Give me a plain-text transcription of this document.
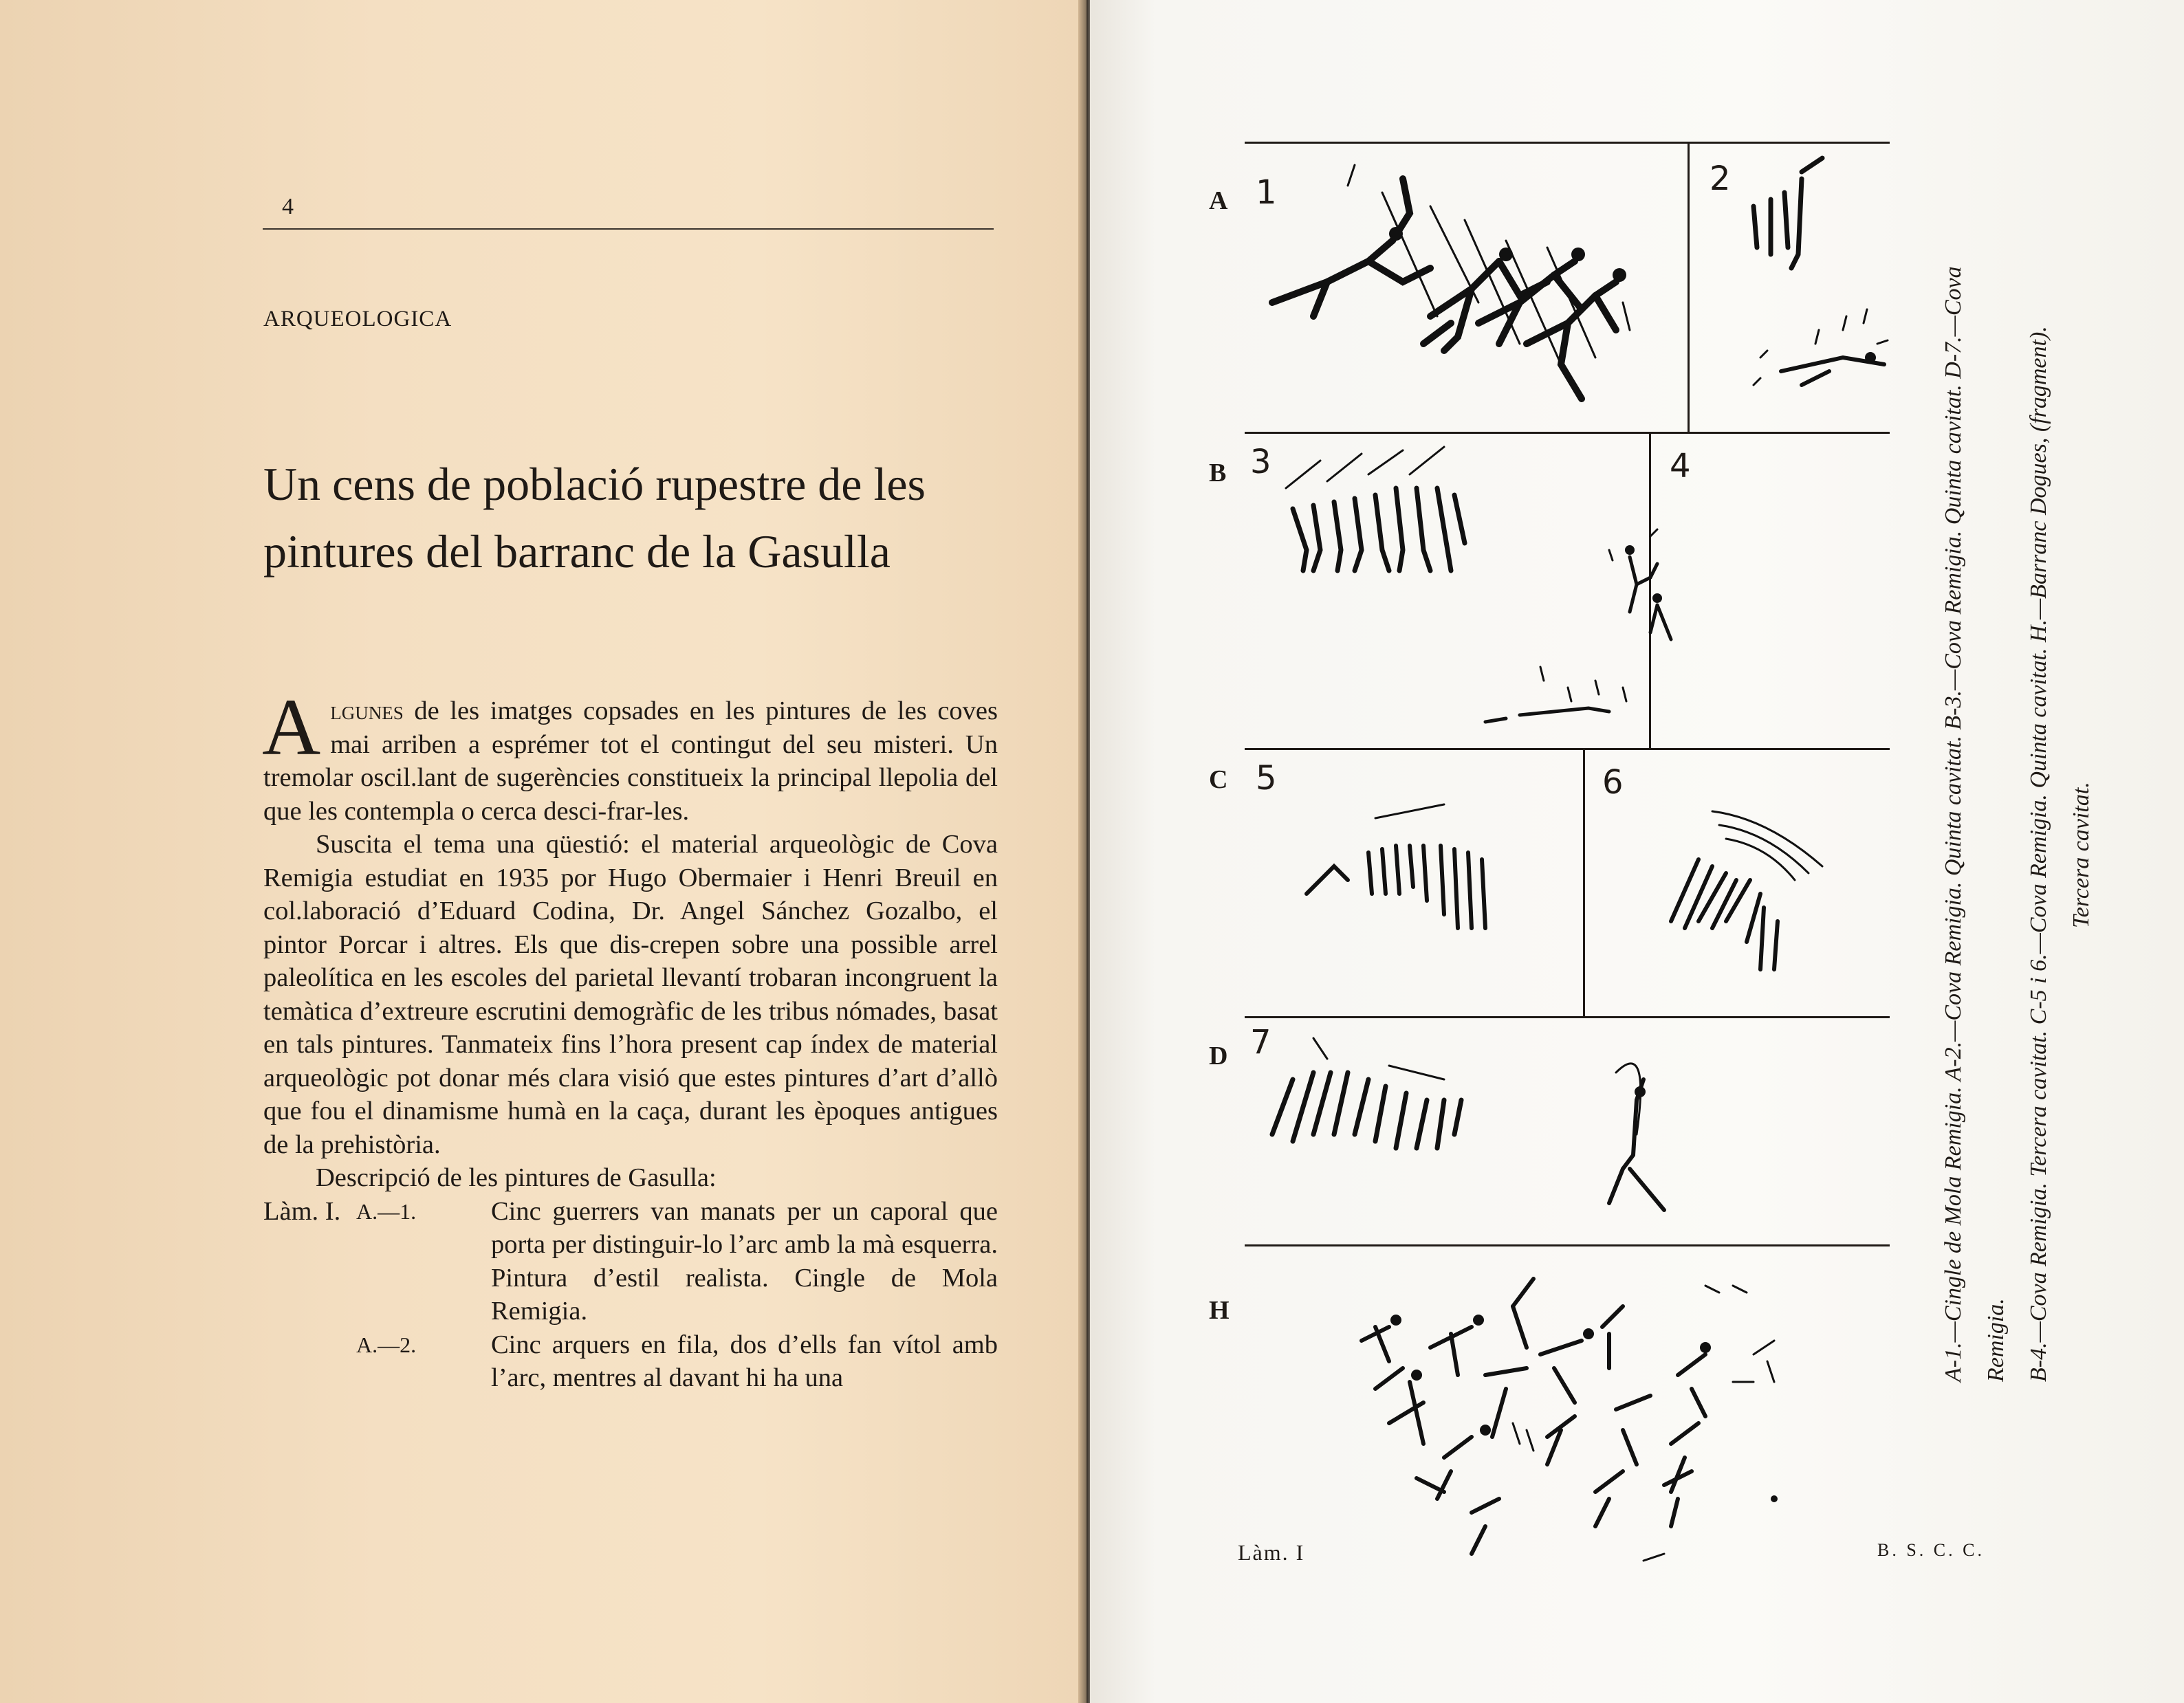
4
ARQUEOLOGICA
Un cens de població rupestre de les
pintures del barranc de la Gasulla

Algunes de les imatges copsades en les pintures de les coves mai arriben a esprémer tot el contingut del seu misteri. Un tremolar oscil.lant de sugerències constitueix la principal llepolia del que les contempla o cerca desci-frar-les.

Suscita el tema una qüestió: el material arqueològic de Cova Remigia estudiat en 1935 por Hugo Obermaier i Henri Breuil en col.laboració d’Eduard Codina, Dr. Angel Sánchez Gozalbo, el pintor Porcar i altres. Els que dis-crepen sobre una possible arrel paleolítica en les escoles del parietal llevantí trobaran incongruent la temàtica d’extreure escrutini demogràfic de les tribus nómades, basat en tals pintures. Tanmateix fins l’hora present cap índex de material arqueològic pot donar més clara visió que estes pintures d’art d’allò que fou el dinamisme humà en la caça, durant les èpoques antigues de la prehistòria.

Descripció de les pintures de Gasulla:

Làm. I. A.—1.	Cinc guerrers van manats per un caporal que porta per distinguir-lo l’arc amb la mà esquerra. Pintura d’estil realista. Cingle de Mola Remigia.
A.—2.	Cinc arquers en fila, dos d’ells fan vítol amb l’arc, mentres al davant hi ha una
A
B
C
D
H
1	2
3	4
5	6
7	A-1.—Cingle de Mola Remigia. A-2.—Cova Remigia. Quinta cavitat. B-3.—Cova Remigia. Quinta cavitat. D-7.—Cova Remigia. B-4.—Cova Remigia. Tercera cavitat. C-5 i 6.—Cova Remigia. Quinta cavitat. H.—Barranc Dogues, (fragment). Tercera cavitat.

Làm. I	B. S. C. C.
